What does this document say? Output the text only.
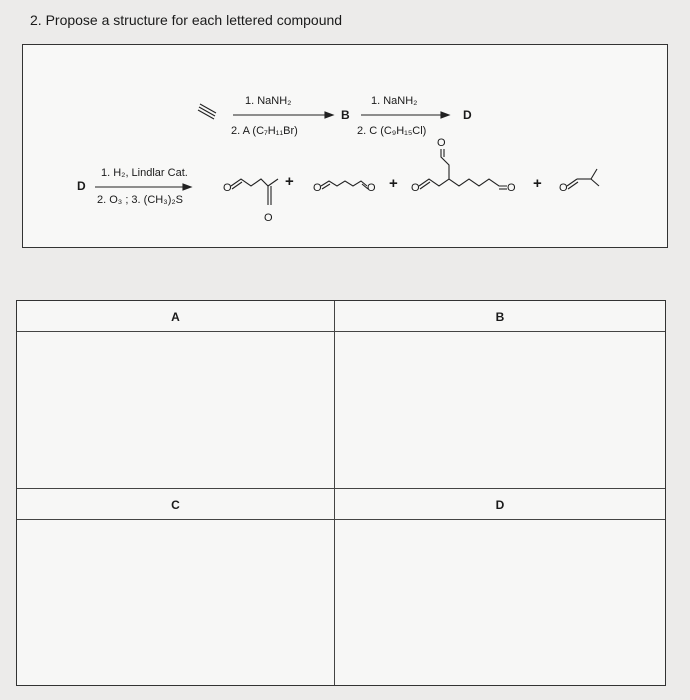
2. Propose a structure for each lettered compound
1. NaNH₂
2. A (C₇H₁₁Br)
B
1. NaNH₂
2. C (C₉H₁₅Cl)
D
D
1. H₂, Lindlar Cat.
2. O₃ ; 3. (CH₃)₂S
O
O
O	O	O
O
O	O
+	+	+
A	B
C	D
